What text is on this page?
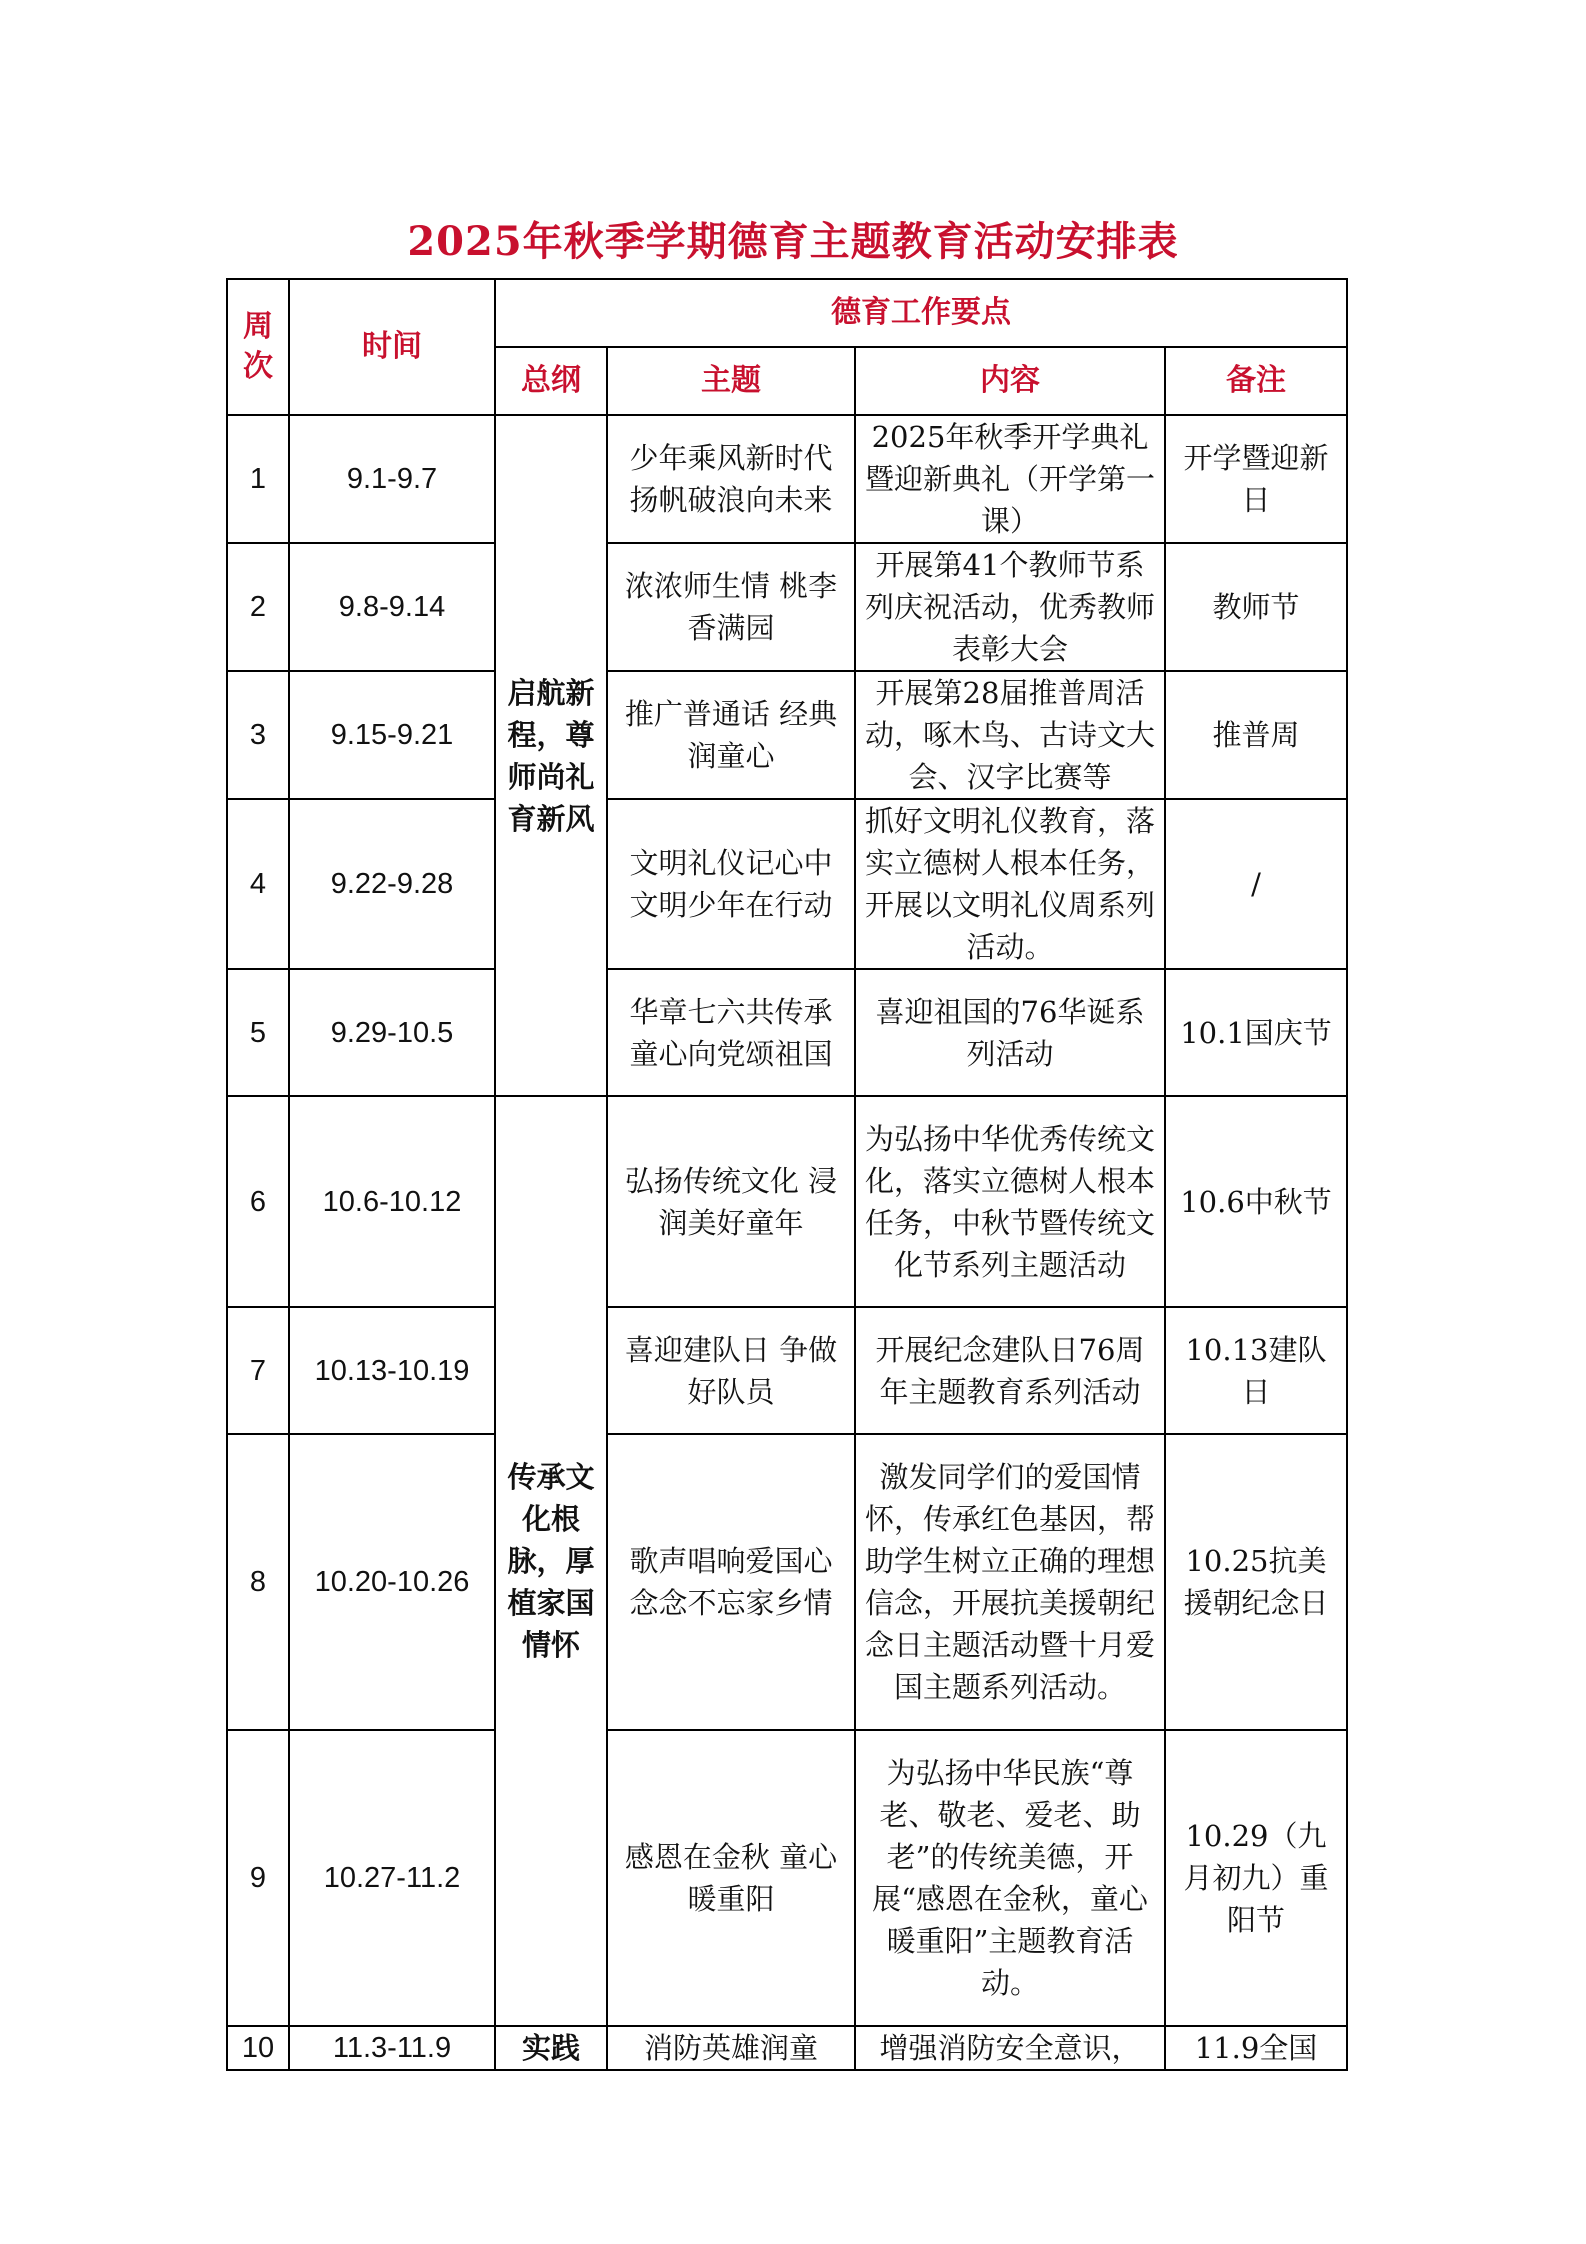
2025年秋季学期德育主题教育活动安排表
周次	时间	德育工作要点			
		总纲	主题	内容	备注
1	9.1-9.7	启航新程，尊师尚礼育新风	少年乘风新时代 扬帆破浪向未来	2025年秋季开学典礼暨迎新典礼（开学第一课）	开学暨迎新日
2	9.8-9.14		浓浓师生情 桃李香满园	开展第41个教师节系列庆祝活动，优秀教师表彰大会	教师节
3	9.15-9.21		推广普通话 经典润童心	开展第28届推普周活动，啄木鸟、古诗文大会、汉字比赛等	推普周
4	9.22-9.28		文明礼仪记心中 文明少年在行动	抓好文明礼仪教育，落实立德树人根本任务，开展以文明礼仪周系列活动。	/
5	9.29-10.5		华章七六共传承 童心向党颂祖国	喜迎祖国的76华诞系列活动	10.1国庆节
6	10.6-10.12	传承文化根脉，厚植家国情怀	弘扬传统文化 浸润美好童年	为弘扬中华优秀传统文化，落实立德树人根本任务，中秋节暨传统文化节系列主题活动	10.6中秋节
7	10.13-10.19		喜迎建队日 争做好队员	开展纪念建队日76周年主题教育系列活动	10.13建队日
8	10.20-10.26		歌声唱响爱国心 念念不忘家乡情	激发同学们的爱国情怀，传承红色基因，帮助学生树立正确的理想信念，开展抗美援朝纪念日主题活动暨十月爱国主题系列活动。	10.25抗美援朝纪念日
9	10.27-11.2		感恩在金秋 童心暖重阳	为弘扬中华民族“尊老、敬老、爱老、助老”的传统美德，开展“感恩在金秋，童心暖重阳”主题教育活动。	10.29（九月初九）重阳节
10	11.3-11.9	实践	消防英雄润童	增强消防安全意识，	11.9全国
